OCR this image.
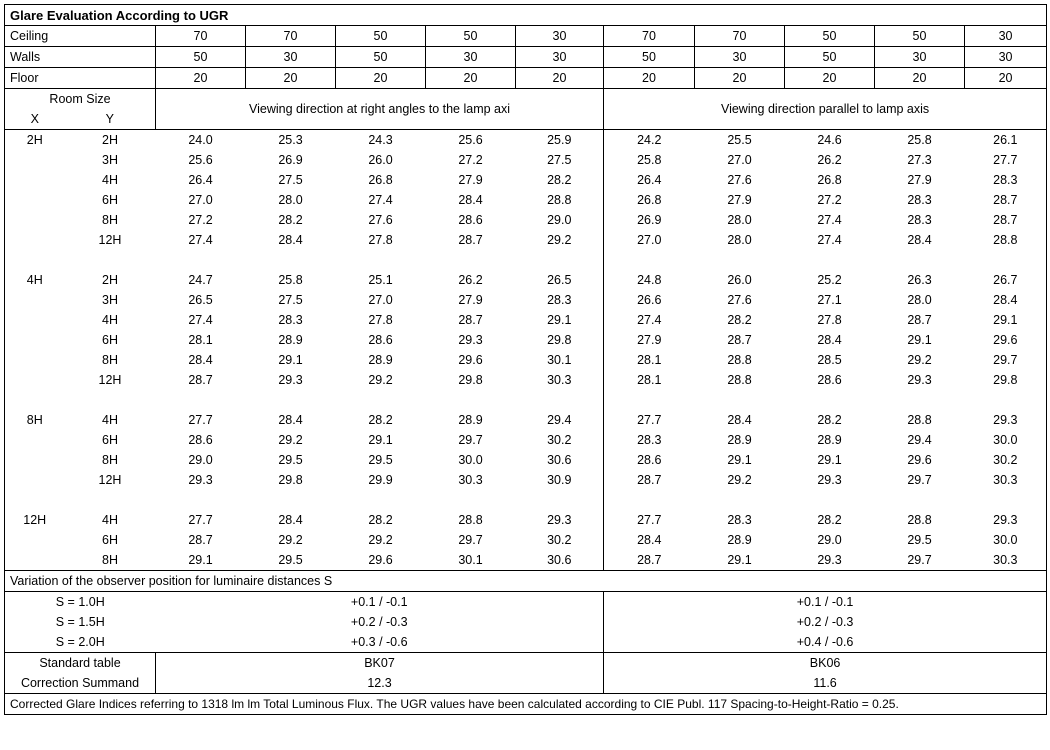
Glare Evaluation According to UGR											
Ceiling		70	70	50	50	30	70	70	50	50	30
Walls		50	30	50	30	30	50	30	50	30	30
Floor		20	20	20	20	20	20	20	20	20	20
Room Size		Viewing direction at right angles to the lamp axi					Viewing direction parallel to lamp axis				
X	Y										
2H	2H	24.0	25.3	24.3	25.6	25.9	24.2	25.5	24.6	25.8	26.1
	3H	25.6	26.9	26.0	27.2	27.5	25.8	27.0	26.2	27.3	27.7
	4H	26.4	27.5	26.8	27.9	28.2	26.4	27.6	26.8	27.9	28.3
	6H	27.0	28.0	27.4	28.4	28.8	26.8	27.9	27.2	28.3	28.7
	8H	27.2	28.2	27.6	28.6	29.0	26.9	28.0	27.4	28.3	28.7
	12H	27.4	28.4	27.8	28.7	29.2	27.0	28.0	27.4	28.4	28.8

4H	2H	24.7	25.8	25.1	26.2	26.5	24.8	26.0	25.2	26.3	26.7
	3H	26.5	27.5	27.0	27.9	28.3	26.6	27.6	27.1	28.0	28.4
	4H	27.4	28.3	27.8	28.7	29.1	27.4	28.2	27.8	28.7	29.1
	6H	28.1	28.9	28.6	29.3	29.8	27.9	28.7	28.4	29.1	29.6
	8H	28.4	29.1	28.9	29.6	30.1	28.1	28.8	28.5	29.2	29.7
	12H	28.7	29.3	29.2	29.8	30.3	28.1	28.8	28.6	29.3	29.8

8H	4H	27.7	28.4	28.2	28.9	29.4	27.7	28.4	28.2	28.8	29.3
	6H	28.6	29.2	29.1	29.7	30.2	28.3	28.9	28.9	29.4	30.0
	8H	29.0	29.5	29.5	30.0	30.6	28.6	29.1	29.1	29.6	30.2
	12H	29.3	29.8	29.9	30.3	30.9	28.7	29.2	29.3	29.7	30.3

12H	4H	27.7	28.4	28.2	28.8	29.3	27.7	28.3	28.2	28.8	29.3
	6H	28.7	29.2	29.2	29.7	30.2	28.4	28.9	29.0	29.5	30.0
	8H	29.1	29.5	29.6	30.1	30.6	28.7	29.1	29.3	29.7	30.3
Variation of the observer position for luminaire distances S											
S = 1.0H		+0.1 / -0.1					+0.1 / -0.1				
S = 1.5H		+0.2 / -0.3					+0.2 / -0.3				
S = 2.0H		+0.3 / -0.6					+0.4 / -0.6				
Standard table		BK07					BK06				
Correction Summand		12.3					11.6				
Corrected Glare Indices referring to 1318 lm lm Total Luminous Flux. The UGR values have been calculated according to CIE Publ. 117 Spacing-to-Height-Ratio = 0.25.											
